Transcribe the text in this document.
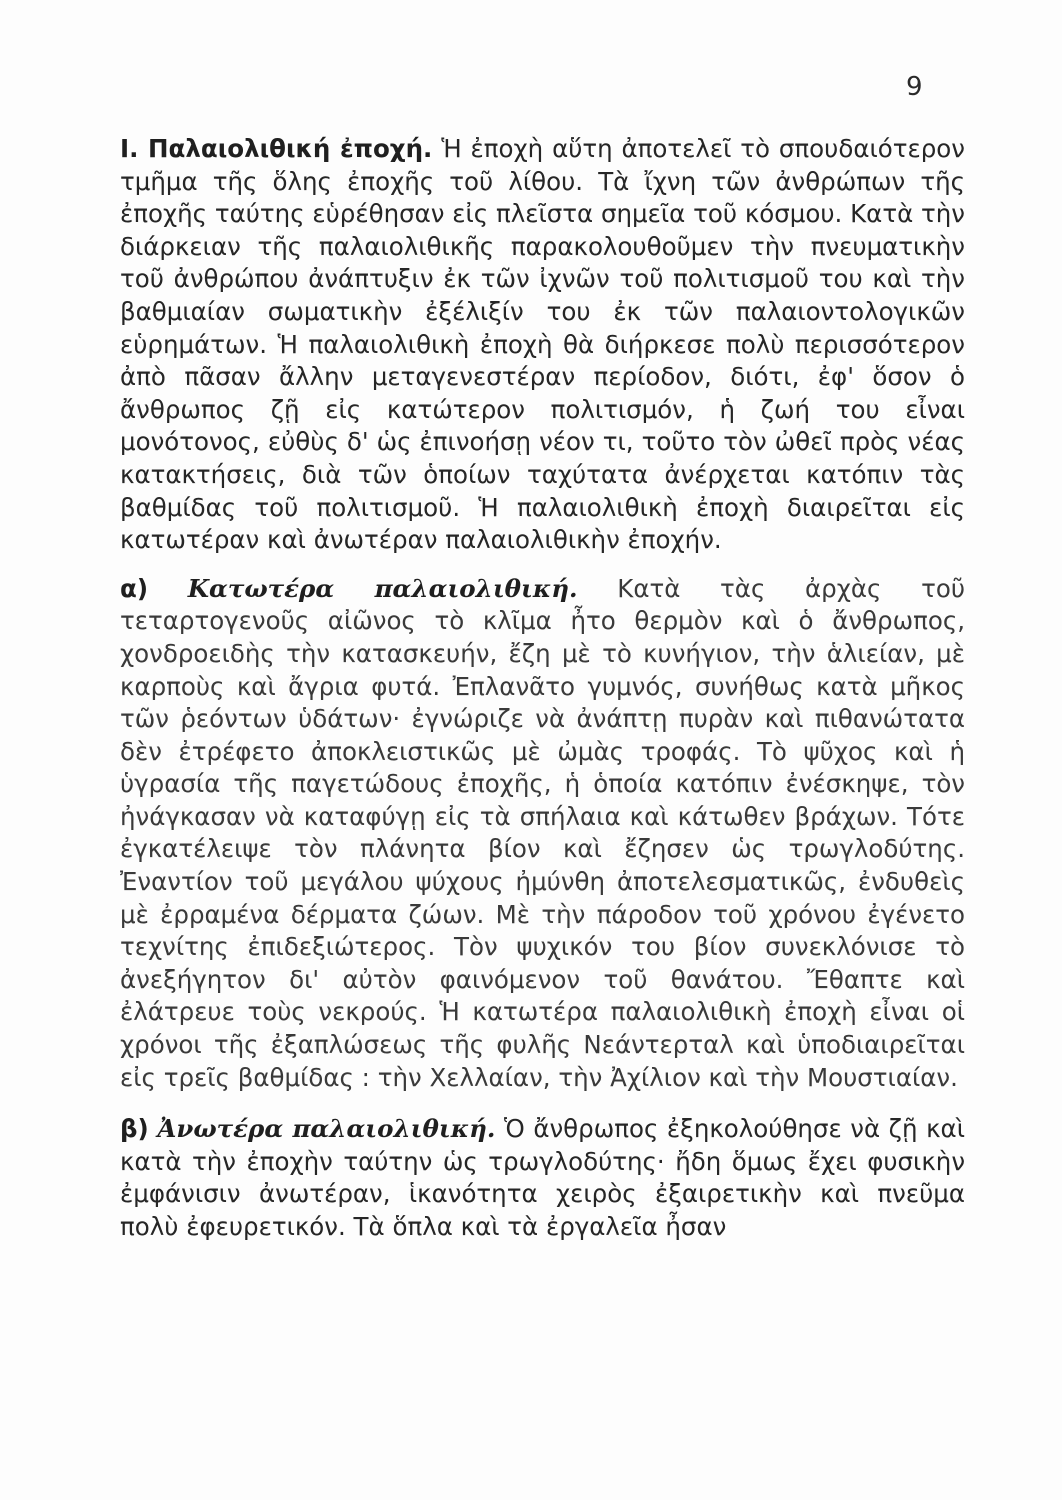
9

Ι. Παλαιολιθική ἐποχή. Ἡ ἐποχὴ αὕτη ἀποτελεῖ τὸ σπουδαιότερον τμῆμα τῆς ὅλης ἐποχῆς τοῦ λίθου. Τὰ ἴχνη τῶν ἀνθρώπων τῆς ἐποχῆς ταύτης εὑρέθησαν εἰς πλεῖστα σημεῖα τοῦ κόσμου. Κατὰ τὴν διάρκειαν τῆς παλαιολιθικῆς παρακολουθοῦμεν τὴν πνευματικὴν τοῦ ἀνθρώπου ἀνάπτυξιν ἐκ τῶν ἰχνῶν τοῦ πολιτισμοῦ του καὶ τὴν βαθμιαίαν σωματικὴν ἐξέλιξίν του ἐκ τῶν παλαιοντολογικῶν εὑρημάτων. Ἡ παλαιολιθικὴ ἐποχὴ θὰ διήρκεσε πολὺ περισσότερον ἀπὸ πᾶσαν ἄλλην μεταγενεστέραν περίοδον, διότι, ἐφ' ὅσον ὁ ἄνθρωπος ζῇ εἰς κατώτερον πολιτισμόν, ἡ ζωή του εἶναι μονότονος, εὐθὺς δ' ὡς ἐπινοήσῃ νέον τι, τοῦτο τὸν ὠθεῖ πρὸς νέας κατακτήσεις, διὰ τῶν ὁποίων ταχύτατα ἀνέρχεται κατόπιν τὰς βαθμίδας τοῦ πολιτισμοῦ. Ἡ παλαιολιθικὴ ἐποχὴ διαιρεῖται εἰς κατωτέραν καὶ ἀνωτέραν παλαιολιθικὴν ἐποχήν.

α) Κατωτέρα παλαιολιθική. Κατὰ τὰς ἀρχὰς τοῦ τεταρτογενοῦς αἰῶνος τὸ κλῖμα ἦτο θερμὸν καὶ ὁ ἄνθρωπος, χονδροειδὴς τὴν κατασκευήν, ἔζη μὲ τὸ κυνήγιον, τὴν ἁλιείαν, μὲ καρποὺς καὶ ἄγρια φυτά. Ἐπλανᾶτο γυμνός, συνήθως κατὰ μῆκος τῶν ῥεόντων ὑδάτων· ἐγνώριζε νὰ ἀνάπτῃ πυρὰν καὶ πιθανώτατα δὲν ἐτρέφετο ἀποκλειστικῶς μὲ ὠμὰς τροφάς. Τὸ ψῦχος καὶ ἡ ὑγρασία τῆς παγετώδους ἐποχῆς, ἡ ὁποία κατόπιν ἐνέσκηψε, τὸν ἠνάγκασαν νὰ καταφύγῃ εἰς τὰ σπήλαια καὶ κάτωθεν βράχων. Τότε ἐγκατέλειψε τὸν πλάνητα βίον καὶ ἔζησεν ὡς τρωγλοδύτης. Ἐναντίον τοῦ μεγάλου ψύχους ἠμύνθη ἀποτελεσματικῶς, ἐνδυθεὶς μὲ ἐρραμένα δέρματα ζώων. Μὲ τὴν πάροδον τοῦ χρόνου ἐγένετο τεχνίτης ἐπιδεξιώτερος. Τὸν ψυχικόν του βίον συνεκλόνισε τὸ ἀνεξήγητον δι' αὐτὸν φαινόμενον τοῦ θανάτου. Ἔθαπτε καὶ ἐλάτρευε τοὺς νεκρούς. Ἡ κατωτέρα παλαιολιθικὴ ἐποχὴ εἶναι οἱ χρόνοι τῆς ἐξαπλώσεως τῆς φυλῆς Νεάντερταλ καὶ ὑποδιαιρεῖται εἰς τρεῖς βαθμίδας : τὴν Χελλαίαν, τὴν Ἀχίλιον καὶ τὴν Μουστιαίαν.

β) Ἀνωτέρα παλαιολιθική. Ὁ ἄνθρωπος ἐξηκολούθησε νὰ ζῇ καὶ κατὰ τὴν ἐποχὴν ταύτην ὡς τρωγλοδύτης· ἤδη ὅμως ἔχει φυσικὴν ἐμφάνισιν ἀνωτέραν, ἱκανότητα χειρὸς ἐξαιρετικὴν καὶ πνεῦμα πολὺ ἐφευρετικόν. Τὰ ὅπλα καὶ τὰ ἐργαλεῖα ἦσαν
